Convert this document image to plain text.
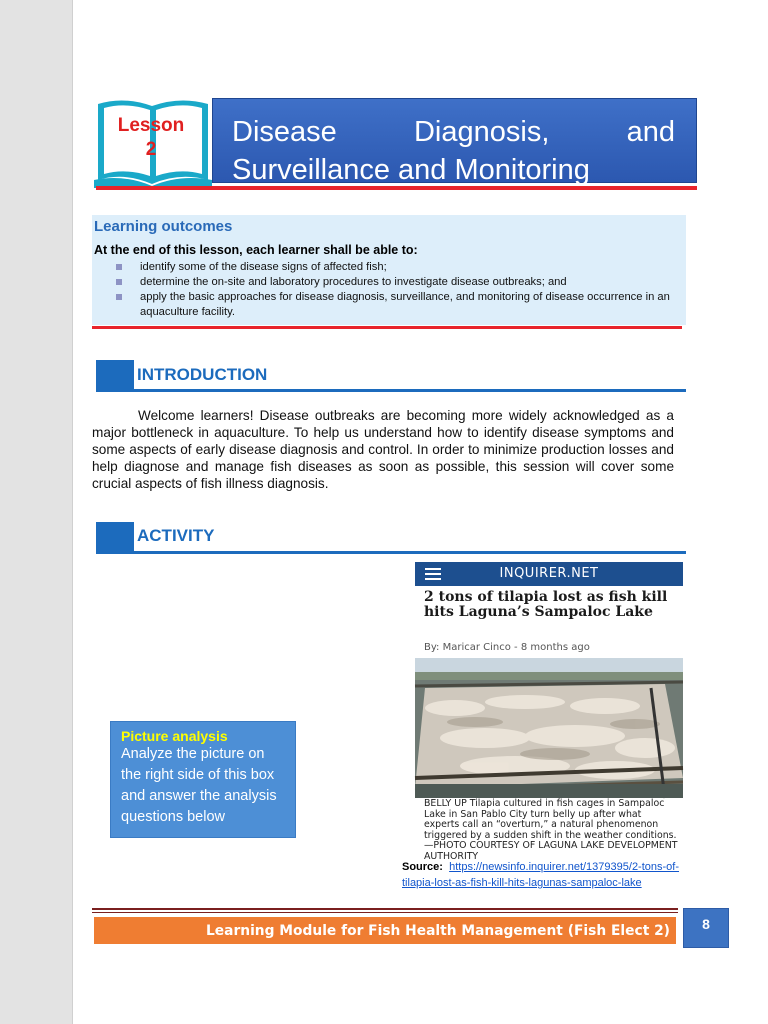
Lesson
2
Disease Diagnosis, and
Surveillance and Monitoring
Learning outcomes
At the end of this lesson, each learner shall be able to:
identify some of the disease signs of affected fish;
determine the on-site and laboratory procedures to investigate disease outbreaks; and
apply the basic approaches for disease diagnosis, surveillance, and monitoring of disease occurrence in an aquaculture facility.
INTRODUCTION

Welcome learners! Disease outbreaks are becoming more widely acknowledged as a major bottleneck in aquaculture. To help us understand how to identify disease symptoms and some aspects of early disease diagnosis and control. In order to minimize production losses and help diagnose and manage fish diseases as soon as possible, this session will cover some crucial aspects of fish illness diagnosis.

ACTIVITY
Picture analysis
Analyze the picture on the right side of this box and answer the analysis questions below
INQUIRER.NET
2 tons of tilapia lost as fish kill hits Laguna’s Sampaloc Lake
By: Maricar Cinco - 8 months ago
BELLY UP Tilapia cultured in fish cages in Sampaloc Lake in San Pablo City turn belly up after what experts call an “overturn,” a natural phenomenon triggered by a sudden shift in the weather conditions. —PHOTO COURTESY OF LAGUNA LAKE DEVELOPMENT AUTHORITY
Source: https://newsinfo.inquirer.net/1379395/2-tons-of-tilapia-lost-as-fish-kill-hits-lagunas-sampaloc-lake
Learning Module for Fish Health Management (Fish Elect 2)	8
